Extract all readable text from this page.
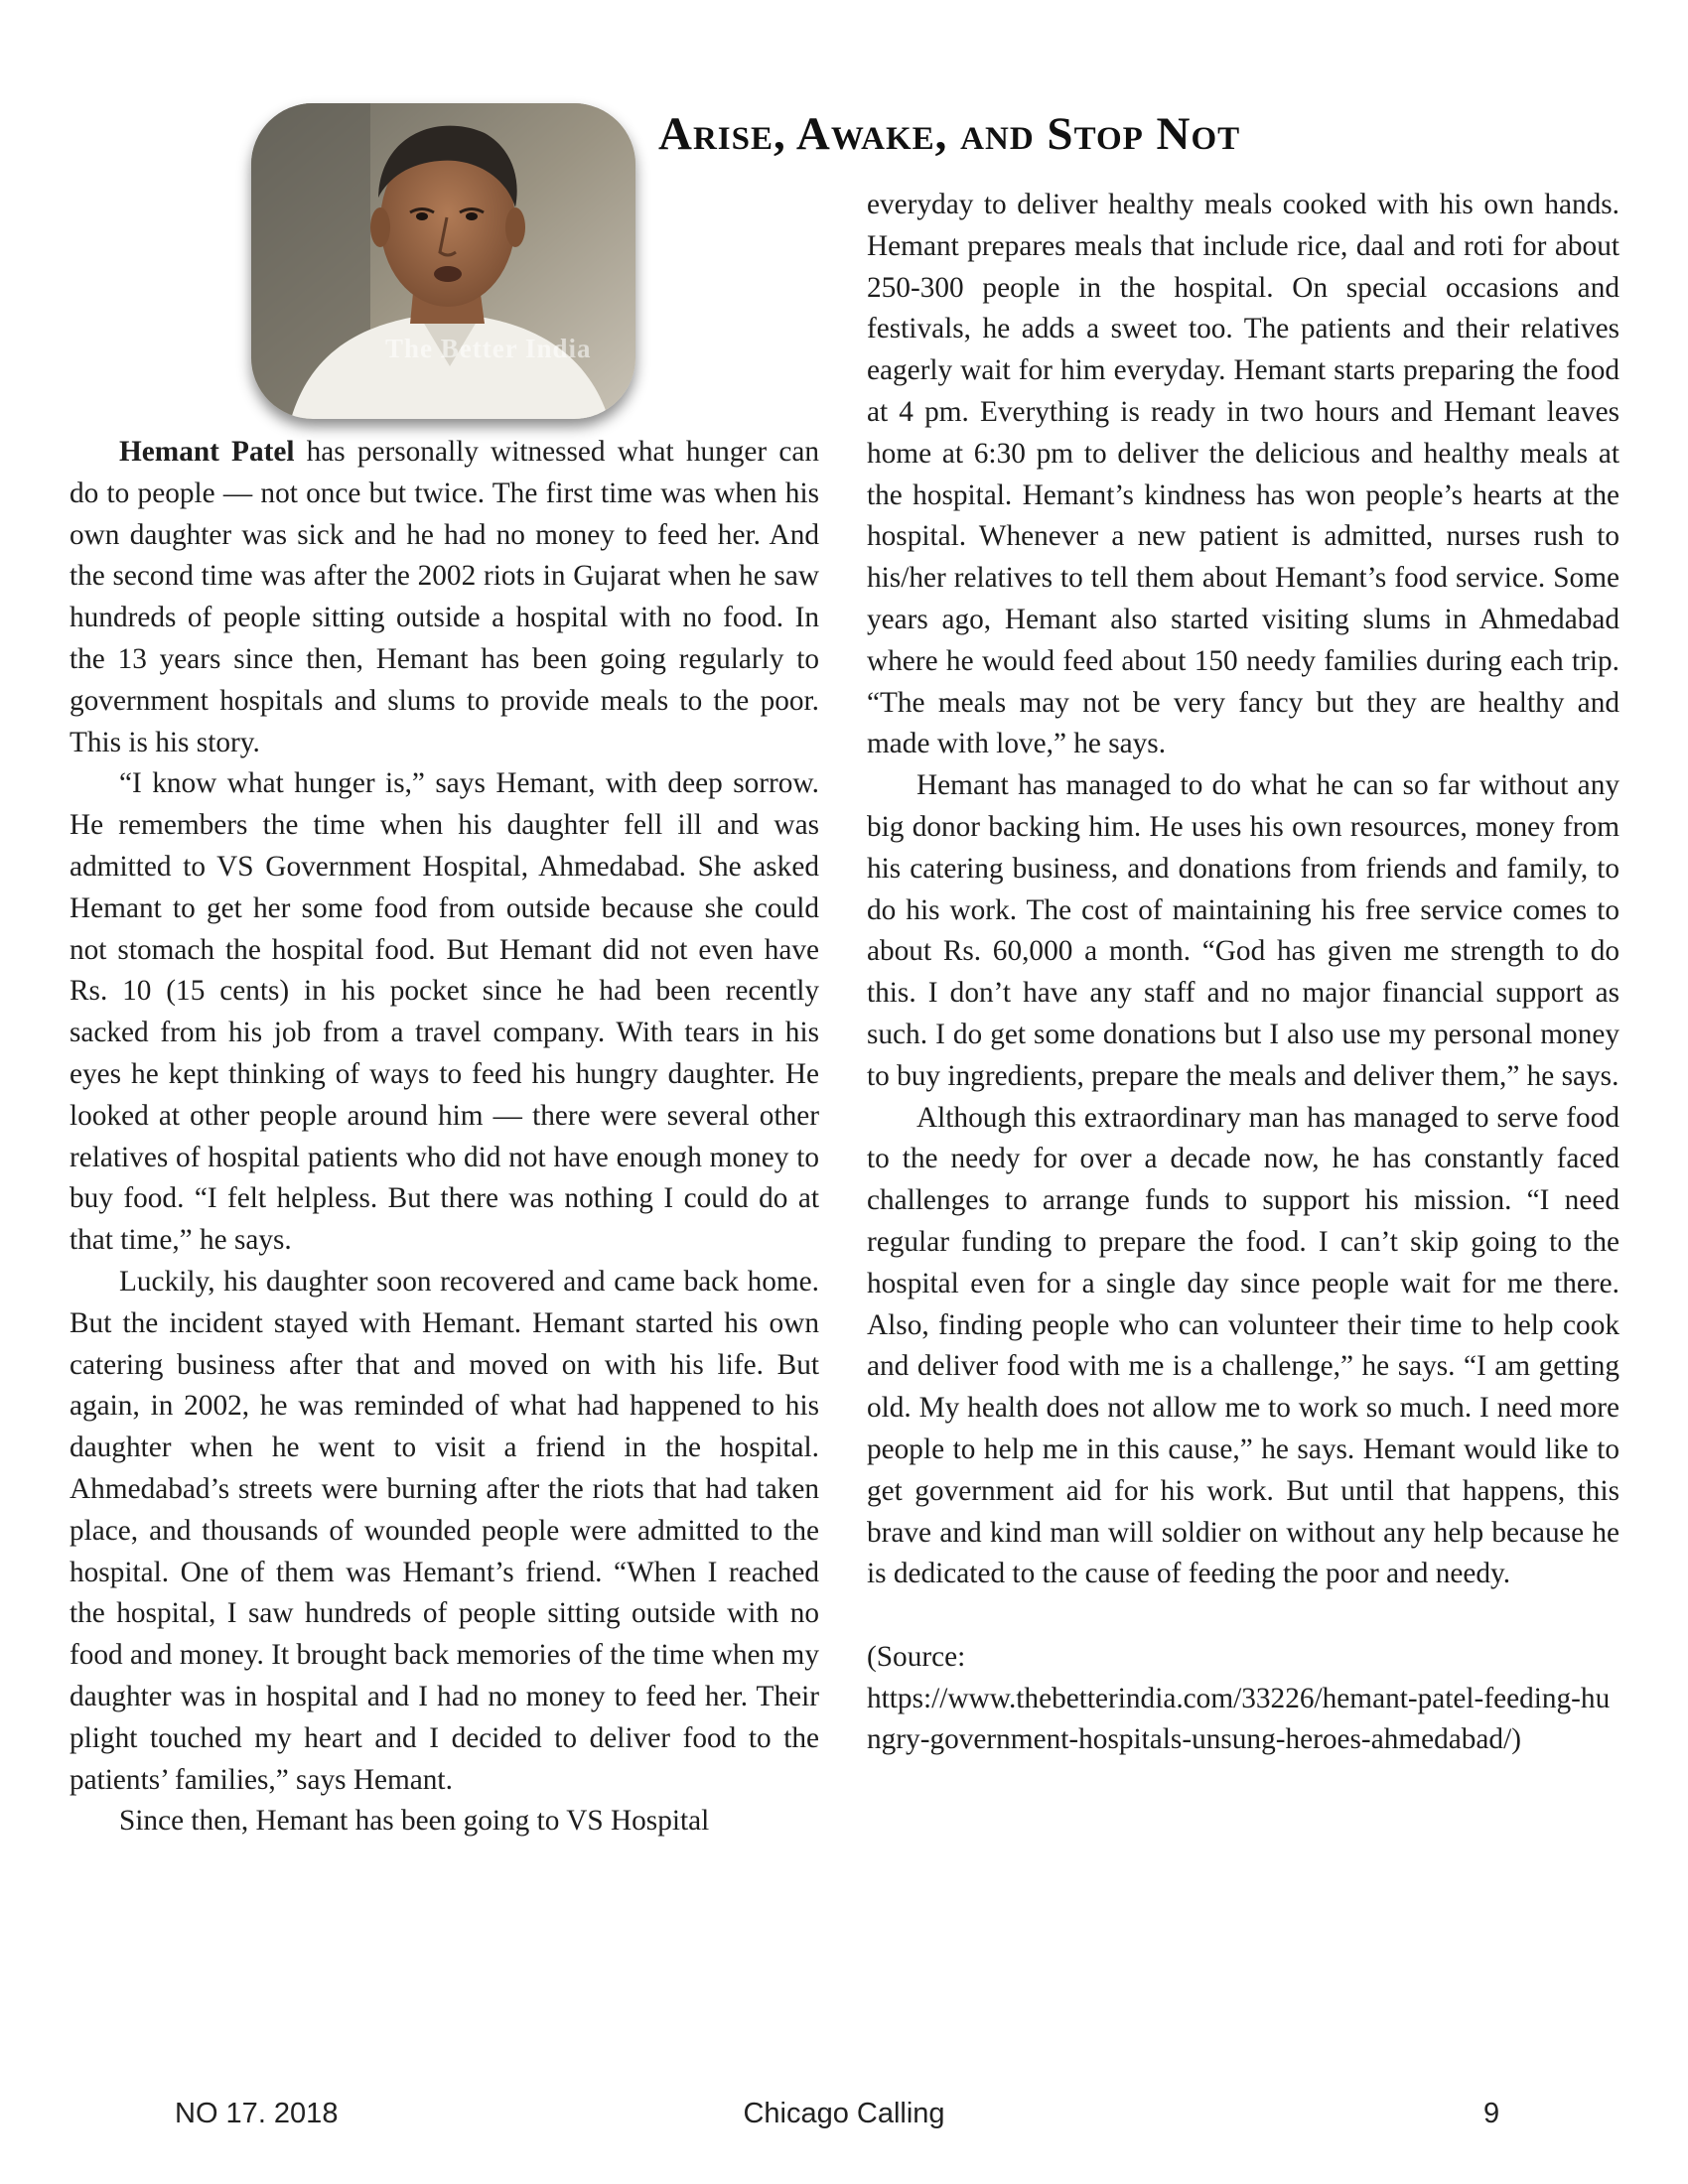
The Better India
Arise, Awake, and Stop Not

Hemant Patel has personally witnessed what hunger can do to people — not once but twice. The first time was when his own daughter was sick and he had no money to feed her. And the second time was after the 2002 riots in Gujarat when he saw hundreds of people sitting outside a hospital with no food. In the 13 years since then, Hemant has been going regularly to government hospitals and slums to provide meals to the poor. This is his story.

“I know what hunger is,” says Hemant, with deep sorrow. He remembers the time when his daughter fell ill and was admitted to VS Government Hospital, Ahmedabad. She asked Hemant to get her some food from outside because she could not stomach the hospital food. But Hemant did not even have Rs. 10 (15 cents) in his pocket since he had been recently sacked from his job from a travel company. With tears in his eyes he kept thinking of ways to feed his hungry daughter. He looked at other people around him — there were several other relatives of hospital patients who did not have enough money to buy food. “I felt helpless. But there was nothing I could do at that time,” he says.

Luckily, his daughter soon recovered and came back home. But the incident stayed with Hemant. Hemant started his own catering business after that and moved on with his life. But again, in 2002, he was reminded of what had happened to his daughter when he went to visit a friend in the hospital. Ahmedabad’s streets were burning after the riots that had taken place, and thousands of wounded people were admitted to the hospital. One of them was Hemant’s friend. “When I reached the hospital, I saw hundreds of people sitting outside with no food and money. It brought back memories of the time when my daughter was in hospital and I had no money to feed her. Their plight touched my heart and I decided to deliver food to the patients’ families,” says Hemant.

Since then, Hemant has been going to VS Hospital

everyday to deliver healthy meals cooked with his own hands. Hemant prepares meals that include rice, daal and roti for about 250-300 people in the hospital. On special occasions and festivals, he adds a sweet too. The patients and their relatives eagerly wait for him everyday. Hemant starts preparing the food at 4 pm. Everything is ready in two hours and Hemant leaves home at 6:30 pm to deliver the delicious and healthy meals at the hospital. Hemant’s kindness has won people’s hearts at the hospital. Whenever a new patient is admitted, nurses rush to his/her relatives to tell them about Hemant’s food service. Some years ago, Hemant also started visiting slums in Ahmedabad where he would feed about 150 needy families during each trip. “The meals may not be very fancy but they are healthy and made with love,” he says.

Hemant has managed to do what he can so far without any big donor backing him. He uses his own resources, money from his catering business, and donations from friends and family, to do his work. The cost of maintaining his free service comes to about Rs. 60,000 a month. “God has given me strength to do this. I don’t have any staff and no major financial support as such. I do get some donations but I also use my personal money to buy ingredients, prepare the meals and deliver them,” he says.

Although this extraordinary man has managed to serve food to the needy for over a decade now, he has constantly faced challenges to arrange funds to support his mission. “I need regular funding to prepare the food. I can’t skip going to the hospital even for a single day since people wait for me there. Also, finding people who can volunteer their time to help cook and deliver food with me is a challenge,” he says. “I am getting old. My health does not allow me to work so much. I need more people to help me in this cause,” he says. Hemant would like to get government aid for his work. But until that happens, this brave and kind man will soldier on without any help because he is dedicated to the cause of feeding the poor and needy.

(Source:
https://www.thebetterindia.com/33226/hemant-patel-feeding-hungry-government-hospitals-unsung-heroes-ahmedabad/)

NO 17. 2018	Chicago Calling	9
